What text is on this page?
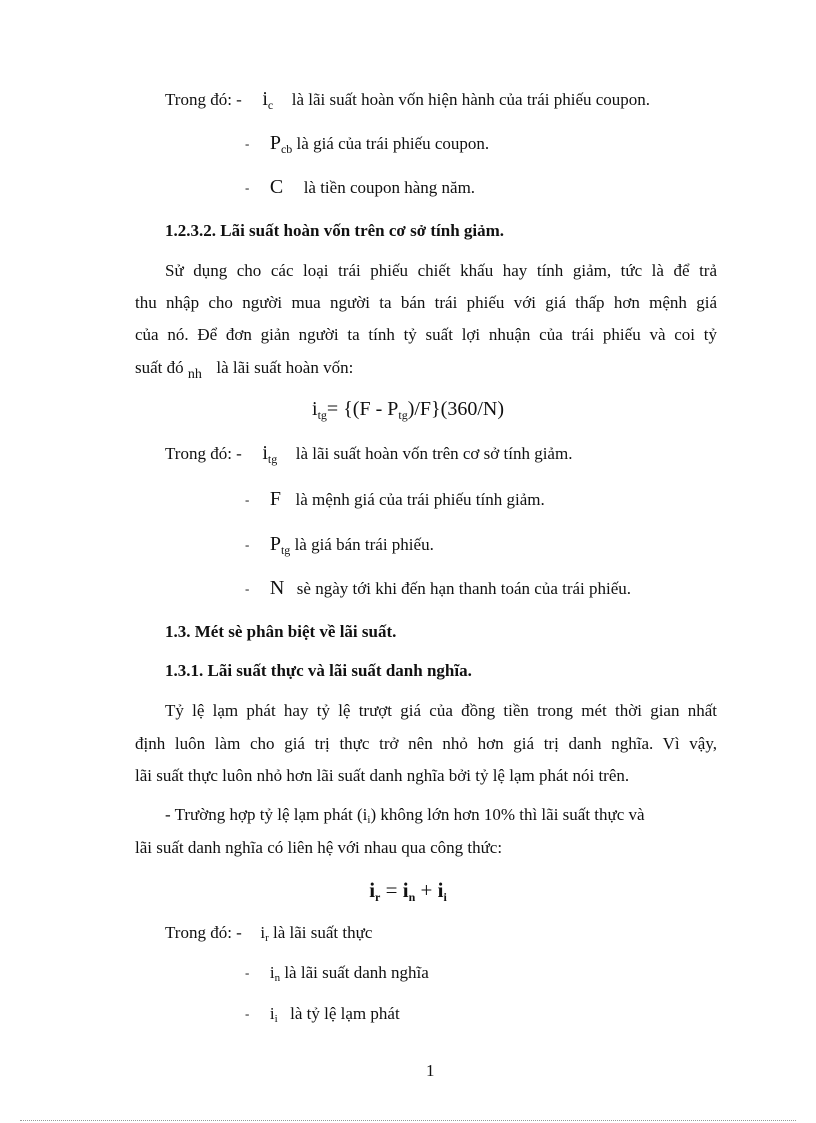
Trong đó: - $i_c$ là lãi suất hoàn vốn hiện hành của trái phiếu coupon.
- $P_{cb}$ là giá của trái phiếu coupon.
- C là tiền coupon hàng năm.
1.2.3.2. Lãi suất hoàn vốn trên cơ sở tính giảm.
Sử dụng cho các loại trái phiếu chiết khấu hay tính giảm, tức là để trả
thu nhập cho người mua người ta bán trái phiếu với giá thấp hơn mệnh giá
của nó. Để đơn giản người ta tính tỷ suất lợi nhuận của trái phiếu và coi tỷ
suất đó $_{nh}$ là lãi suất hoàn vốn:
$i_{tg}= \{(F - P_{tg})/F\}(360/N)$
Trong đó: - $i_{tg}$ là lãi suất hoàn vốn trên cơ sở tính giảm.
- F là mệnh giá của trái phiếu tính giảm.
- $P_{tg}$ là giá bán trái phiếu.
- N sè ngày tới khi đến hạn thanh toán của trái phiếu.
1.3. Mét sè phân biệt về lãi suất.
1.3.1. Lãi suất thực và lãi suất danh nghĩa.
Tỷ lệ lạm phát hay tỷ lệ trượt giá của đồng tiền trong mét thời gian nhất
định luôn làm cho giá trị thực trở nên nhỏ hơn giá trị danh nghĩa. Vì vậy,
lãi suất thực luôn nhỏ hơn lãi suất danh nghĩa bởi tỷ lệ lạm phát nói trên.
- Trường hợp tỷ lệ lạm phát (ii) không lớn hơn 10% thì lãi suất thực và
lãi suất danh nghĩa có liên hệ với nhau qua công thức:
$i_r = i_n + i_i$
Trong đó: - ir là lãi suất thực
- in là lãi suất danh nghĩa
- ii là tỷ lệ lạm phát
1
